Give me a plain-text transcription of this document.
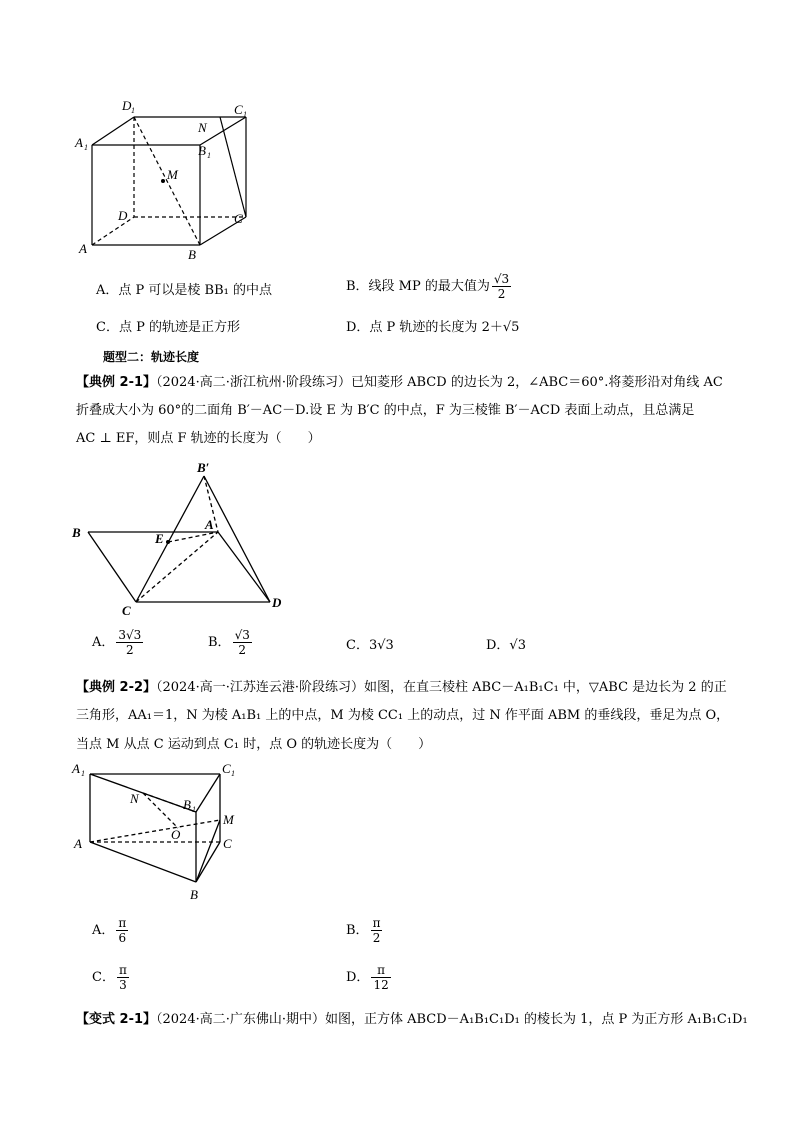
D 1	C 1
A 1
N
B 1
M
D	C
A	B
A．点 P 可以是棱 BB₁ 的中点	B．线段 MP 的最大值为 $\frac{√3}{2}$
C．点 P 的轨迹是正方形	D．点 P 轨迹的长度为 2＋√5
题型二：轨迹长度
【典例 2-1】（2024·高二·浙江杭州·阶段练习）已知菱形 ABCD 的边长为 2，∠ABC＝60°.将菱形沿对角线 AC
折叠成大小为 60°的二面角 B′－AC－D.设 E 为 B′C 的中点，F 为三棱锥 B′－ACD 表面上动点，且总满足
AC ⊥ EF，则点 F 轨迹的长度为（　　）
B′
B
A
E
C
D
A． $\frac{3√3}{2}$	B． $\frac{√3}{2}$	C．3√3	D．√3
【典例 2-2】（2024·高一·江苏连云港·阶段练习）如图，在直三棱柱 ABC－A₁B₁C₁ 中，▽ABC 是边长为 2 的正
三角形，AA₁＝1，N 为棱 A₁B₁ 上的中点，M 为棱 CC₁ 上的动点，过 N 作平面 ABM 的垂线段，垂足为点 O，
当点 M 从点 C 运动到点 C₁ 时，点 O 的轨迹长度为（　　）
A 1	C 1
N	B 1
O
M
A	C
B
A． $\frac{\pi}{6}$	B． $\frac{\pi}{2}$
C． $\frac{\pi}{3}$	D． $\frac{\pi}{12}$
【变式 2-1】（2024·高二·广东佛山·期中）如图，正方体 ABCD－A₁B₁C₁D₁ 的棱长为 1，点 P 为正方形 A₁B₁C₁D₁
